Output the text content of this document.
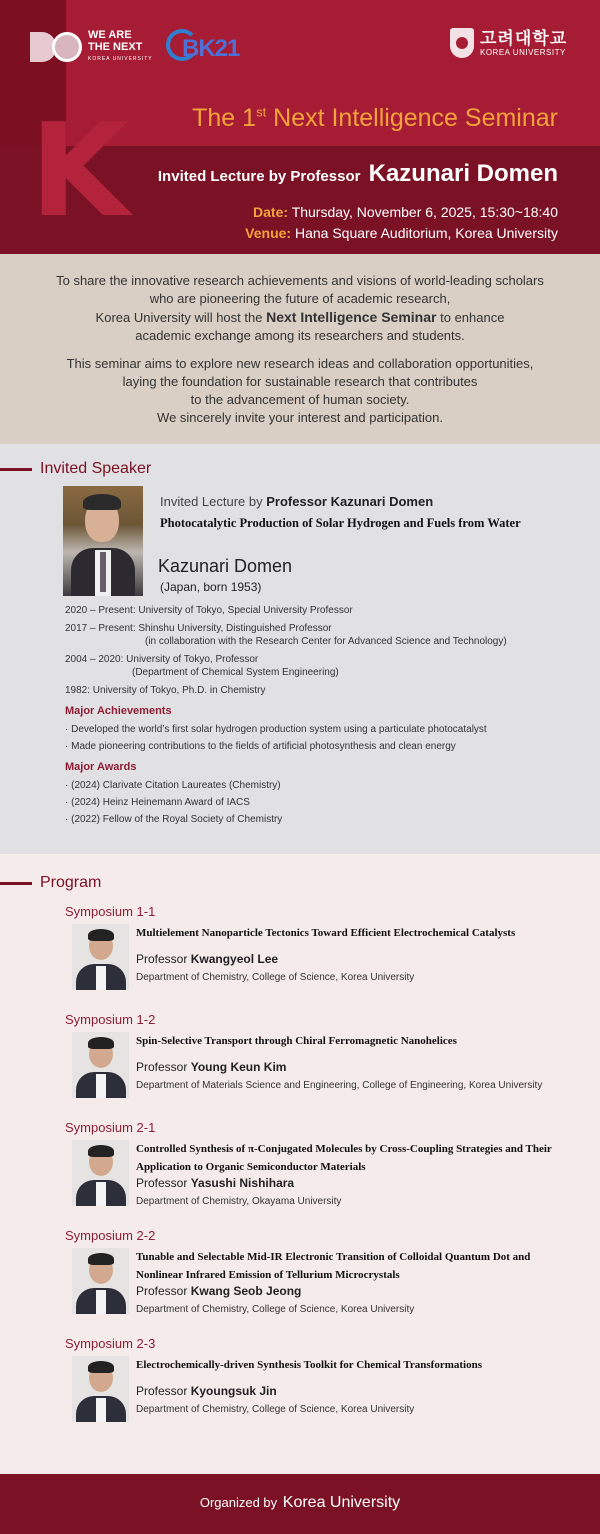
K
WE ARE
THE NEXT
KOREA UNIVERSITY BK21	고려대학교
KOREA UNIVERSITY
The 1st Next Intelligence Seminar
Invited Lecture by Professor Kazunari Domen
Date: Thursday, November 6, 2025, 15:30~18:40
Venue: Hana Square Auditorium, Korea University

To share the innovative research achievements and visions of world-leading scholars
who are pioneering the future of academic research,
Korea University will host the Next Intelligence Seminar to enhance
academic exchange among its researchers and students.

This seminar aims to explore new research ideas and collaboration opportunities,
laying the foundation for sustainable research that contributes
to the advancement of human society.
We sincerely invite your interest and participation.

Invited Speaker
Invited Lecture by Professor Kazunari Domen
Photocatalytic Production of Solar Hydrogen and Fuels from Water
Kazunari Domen
(Japan, born 1953)
2020 – Present: University of Tokyo, Special University Professor
2017 – Present: Shinshu University, Distinguished Professor
(in collaboration with the Research Center for Advanced Science and Technology)
2004 – 2020: University of Tokyo, Professor
(Department of Chemical System Engineering)
1982: University of Tokyo, Ph.D. in Chemistry
Major Achievements
· Developed the world’s first solar hydrogen production system using a particulate photocatalyst
· Made pioneering contributions to the fields of artificial photosynthesis and clean energy
Major Awards
· (2024) Clarivate Citation Laureates (Chemistry)
· (2024) Heinz Heinemann Award of IACS
· (2022) Fellow of the Royal Society of Chemistry
Program
Symposium 1-1
Multielement Nanoparticle Tectonics Toward Efficient Electrochemical Catalysts
Professor Kwangyeol Lee
Department of Chemistry, College of Science, Korea University
Symposium 1-2
Spin-Selective Transport through Chiral Ferromagnetic Nanohelices
Professor Young Keun Kim
Department of Materials Science and Engineering, College of Engineering, Korea University
Symposium 2-1
Controlled Synthesis of π-Conjugated Molecules by Cross-Coupling Strategies and Their Application to Organic Semiconductor Materials
Professor Yasushi Nishihara
Department of Chemistry, Okayama University
Symposium 2-2
Tunable and Selectable Mid-IR Electronic Transition of Colloidal Quantum Dot and Nonlinear Infrared Emission of Tellurium Microcrystals
Professor Kwang Seob Jeong
Department of Chemistry, College of Science, Korea University
Symposium 2-3
Electrochemically-driven Synthesis Toolkit for Chemical Transformations
Professor Kyoungsuk Jin
Department of Chemistry, College of Science, Korea University
Organized by Korea University
